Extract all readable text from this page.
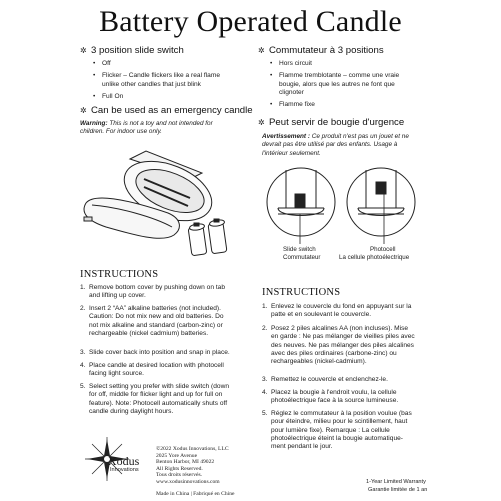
Battery Operated Candle
✲ 3 position slide switch
• Off
• Flicker – Candle flickers like a real flame
unlike other candles that just blink
• Full On
✲ Can be used as an emergency candle
Warning: This is not a toy and not intended for
children. For indoor use only.
INSTRUCTIONS
1. Remove bottom cover by pushing down on tab
and lifting up cover.
2. Insert 2 “AA” alkaline batteries (not included).
Caution: Do not mix new and old batteries. Do
not mix alkaline and standard (carbon-zinc) or
rechargeable (nickel cadmium) batteries.
3. Slide cover back into position and snap in place.
4. Place candle at desired location with photocell
facing light source.
5. Select setting you prefer with slide switch (down
for off, middle for flicker light and up for full on
feature). Note: Photocell automatically shuts off
candle during daylight hours.
Xodus
Innovations
©2022 Xodus Innovations, LLC
2025 Yore Avenue
Benton Harbor, MI 49022
All Rights Reserved.
Tous droits réservés.
www.xodusinnovations.com
Made in China | Fabriqué en Chine
✲ Commutateur à 3 positions
• Hors circuit
• Flamme tremblotante – comme une vraie
bougie, alors que les autres ne font que
clignoter
• Flamme fixe
✲ Peut servir de bougie d'urgence
Avertissement : Ce produit n'est pas un jouet et ne
devrait pas être utilisé par des enfants. Usage à
l'intérieur seulement.
Slide switch
Commutateur
Photocell
La cellule photoélectrique
INSTRUCTIONS
1. Enlevez le couvercle du fond en appuyant sur la
patte et en soulevant le couvercle.
2. Posez 2 piles alcalines AA (non incluses). Mise
en garde : Ne pas mélanger de vieilles piles avec
des neuves. Ne pas mélanger des piles alcalines
avec des piles ordinaires (carbone-zinc) ou
rechargeables (nickel-cadmium).
3. Remettez le couvercle et enclenchez-le.
4. Placez la bougie à l'endroit voulu, la cellule
photoélectrique face à la source lumineuse.
5. Réglez le commutateur à la position voulue (bas
pour éteindre, milieu pour le scintillement, haut
pour lumière fixe). Remarque : La cellule
photoélectrique éteint la bougie automatique-
ment pendant le jour.
1-Year Limited Warranty
Garantie limitée de 1 an
